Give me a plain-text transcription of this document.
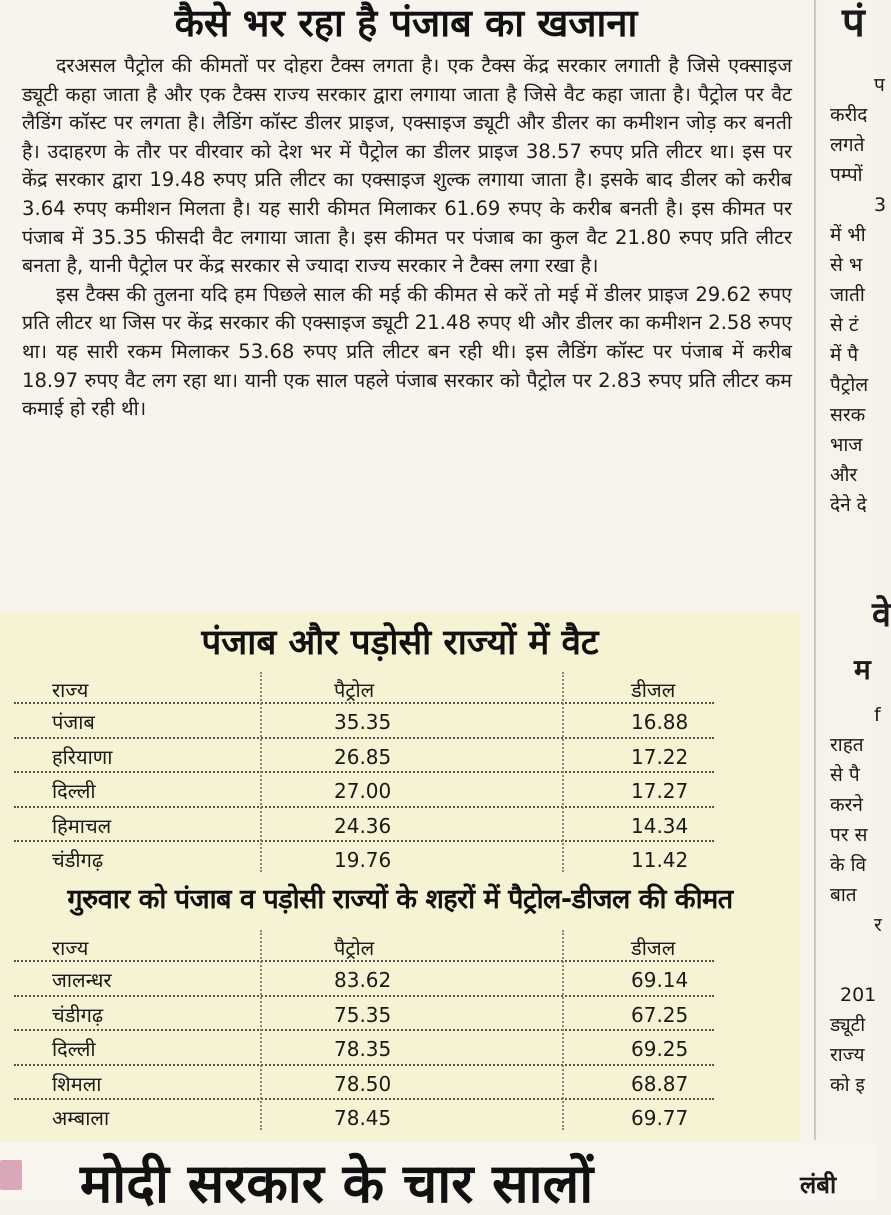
कैसे भर रहा है पंजाब का खजाना

दरअसल पैट्रोल की कीमतों पर दोहरा टैक्स लगता है। एक टैक्स केंद्र सरकार लगाती है जिसे एक्साइज ड्यूटी कहा जाता है और एक टैक्स राज्य सरकार द्वारा लगाया जाता है जिसे वैट कहा जाता है। पैट्रोल पर वैट लैडिंग कॉस्ट पर लगता है। लैडिंग कॉस्ट डीलर प्राइज, एक्साइज ड्यूटी और डीलर का कमीशन जोड़ कर बनती है। उदाहरण के तौर पर वीरवार को देश भर में पैट्रोल का डीलर प्राइज 38.57 रुपए प्रति लीटर था। इस पर केंद्र सरकार द्वारा 19.48 रुपए प्रति लीटर का एक्साइज शुल्क लगाया जाता है। इसके बाद डीलर को करीब 3.64 रुपए कमीशन मिलता है। यह सारी कीमत मिलाकर 61.69 रुपए के करीब बनती है। इस कीमत पर पंजाब में 35.35 फीसदी वैट लगाया जाता है। इस कीमत पर पंजाब का कुल वैट 21.80 रुपए प्रति लीटर बनता है, यानी पैट्रोल पर केंद्र सरकार से ज्यादा राज्य सरकार ने टैक्स लगा रखा है।

इस टैक्स की तुलना यदि हम पिछले साल की मई की कीमत से करें तो मई में डीलर प्राइज 29.62 रुपए प्रति लीटर था जिस पर केंद्र सरकार की एक्साइज ड्यूटी 21.48 रुपए थी और डीलर का कमीशन 2.58 रुपए था। यह सारी रकम मिलाकर 53.68 रुपए प्रति लीटर बन रही थी। इस लैडिंग कॉस्ट पर पंजाब में करीब 18.97 रुपए वैट लग रहा था। यानी एक साल पहले पंजाब सरकार को पैट्रोल पर 2.83 रुपए प्रति लीटर कम कमाई हो रही थी।

पंजाब और पड़ोसी राज्यों में वैट
राज्य	पैट्रोल	डीजल
पंजाब	35.35	16.88
हरियाणा	26.85	17.22
दिल्ली	27.00	17.27
हिमाचल	24.36	14.34
चंडीगढ़	19.76	11.42
गुरुवार को पंजाब व पड़ोसी राज्यों के शहरों में पैट्रोल-डीजल की कीमत
राज्य	पैट्रोल	डीजल
जालन्धर	83.62	69.14
चंडीगढ़	75.35	67.25
दिल्ली	78.35	69.25
शिमला	78.50	68.87
अम्बाला	78.45	69.77
पं
प
करीद
लगते
पम्पों
3
में भी
से भ
जाती
से टं
में पै
पैट्रोल
सरक
भाज
और
देने दे
वे
म
f
राहत
से पै
करने
पर स
के वि
बात
र
201
ड्यूटी
राज्य
को इ
मोदी सरकार के चार सालों	लंबी
